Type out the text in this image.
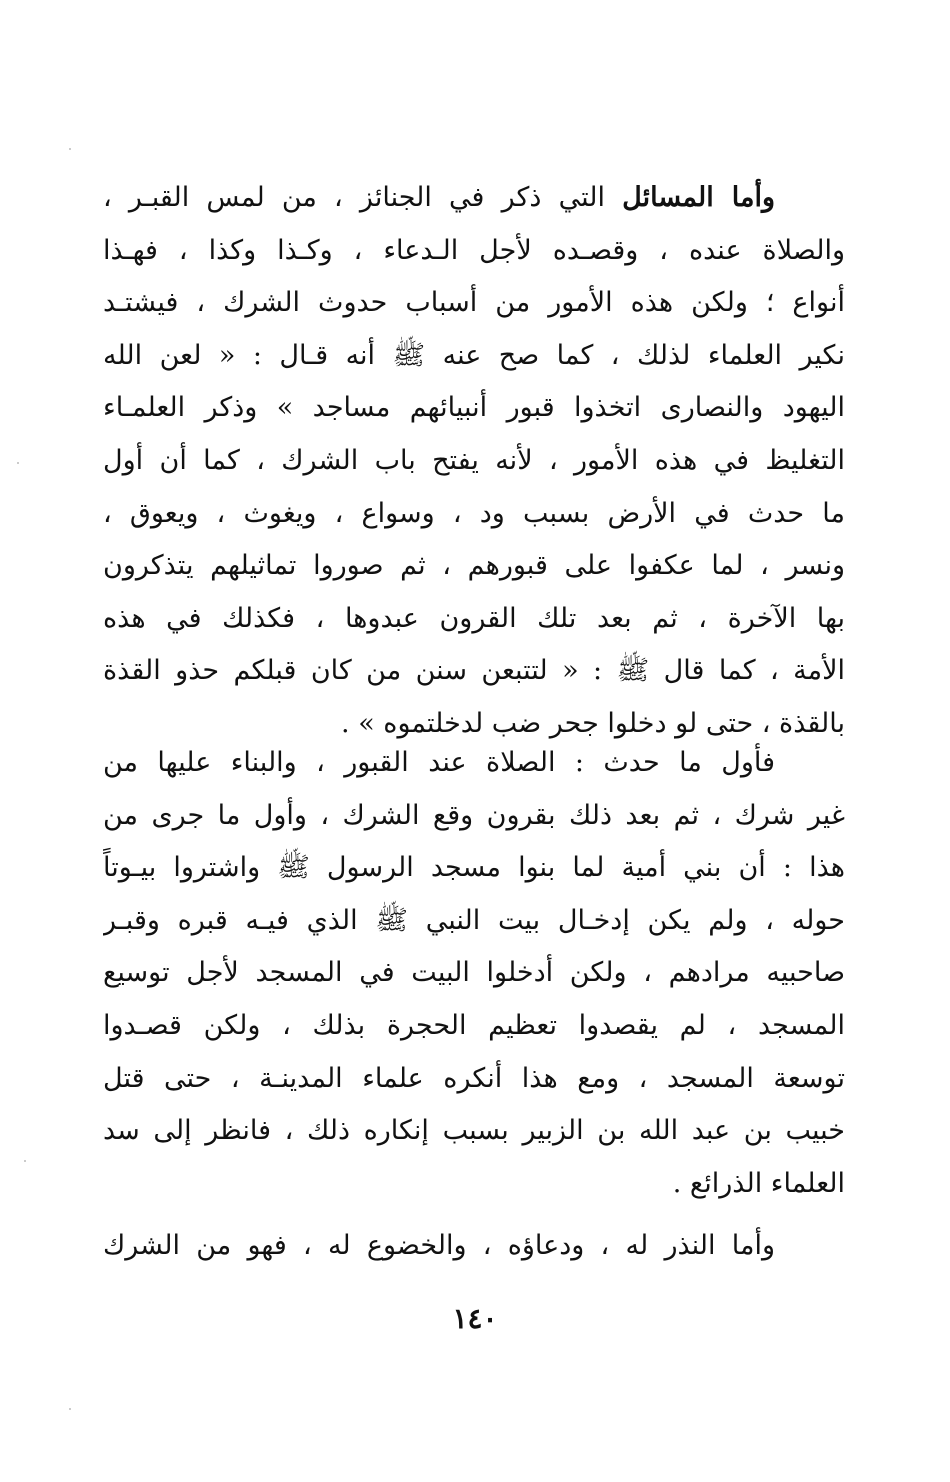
وأما المسائل التي ذكر في الجنائز ، من لمس القبـر ،
والصلاة عنده ، وقصـده لأجل الـدعاء ، وكـذا وكذا ، فهـذا
أنواع ؛ ولكن هذه الأمور من أسباب حدوث الشرك ، فيشتـد
نكير العلماء لذلك ، كما صح عنه ﷺ أنه قـال : « لعن الله
اليهود والنصارى اتخذوا قبور أنبيائهم مساجد » وذكر العلمـاء
التغليظ في هذه الأمور ، لأنه يفتح باب الشرك ، كما أن أول
ما حدث في الأرض بسبب ود ، وسواع ، ويغوث ، ويعوق ،
ونسر ، لما عكفوا على قبورهم ، ثم صوروا تماثيلهم يتذكرون
بها الآخرة ، ثم بعد تلك القرون عبدوها ، فكذلك في هذه
الأمة ، كما قال ﷺ : « لتتبعن سنن من كان قبلكم حذو القذة
بالقذة ، حتى لو دخلوا جحر ضب لدخلتموه » .
فأول ما حدث : الصلاة عند القبور ، والبناء عليها من
غير شرك ، ثم بعد ذلك بقرون وقع الشرك ، وأول ما جرى من
هذا : أن بني أمية لما بنوا مسجد الرسول ﷺ واشتروا بيـوتاً
حوله ، ولم يكن إدخـال بيت النبي ﷺ الذي فيـه قبره وقبـر
صاحبيه مرادهم ، ولكن أدخلوا البيت في المسجد لأجل توسيع
المسجد ، لم يقصدوا تعظيم الحجرة بذلك ، ولكن قصـدوا
توسعة المسجد ، ومع هذا أنكره علماء المدينـة ، حتى قتل
خبيب بن عبد الله بن الزبير بسبب إنكاره ذلك ، فانظر إلى سد
العلماء الذرائع .
وأما النذر له ، ودعاؤه ، والخضوع له ، فهو من الشرك
١٤٠
